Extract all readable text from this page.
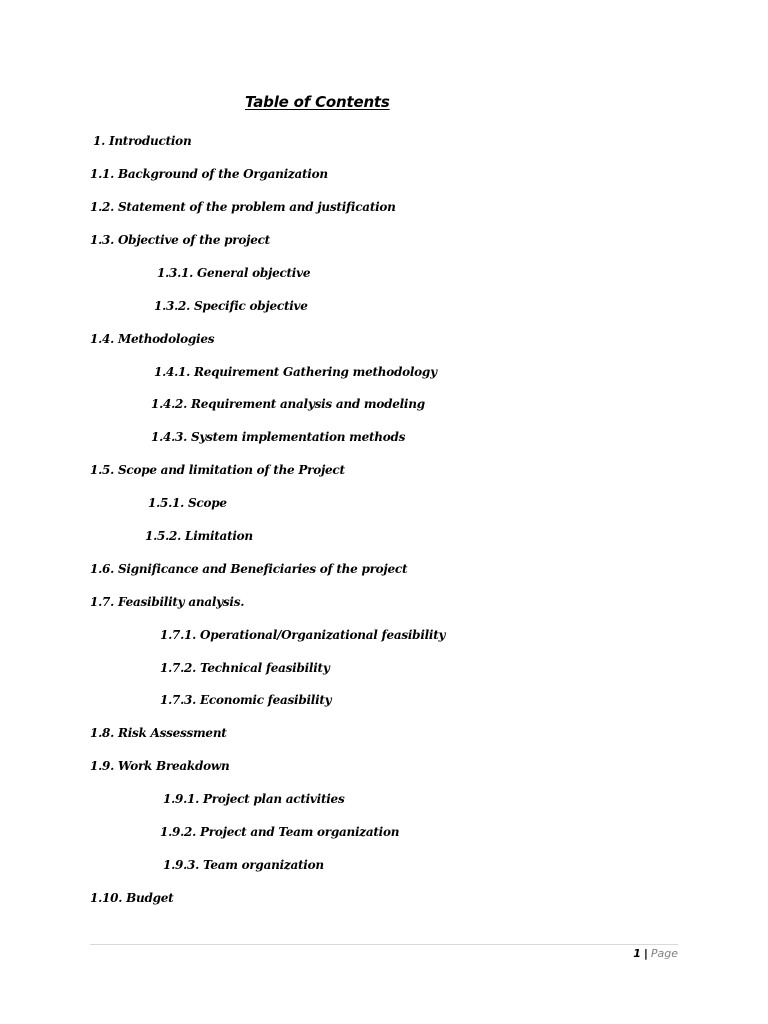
Table of Contents
1. Introduction
1.1. Background of the Organization
1.2. Statement of the problem and justification
1.3. Objective of the project
1.3.1. General objective
1.3.2. Specific objective
1.4. Methodologies
1.4.1. Requirement Gathering methodology
1.4.2. Requirement analysis and modeling
1.4.3. System implementation methods
1.5. Scope and limitation of the Project
1.5.1. Scope
1.5.2. Limitation
1.6. Significance and Beneficiaries of the project
1.7. Feasibility analysis.
1.7.1. Operational/Organizational feasibility
1.7.2. Technical feasibility
1.7.3. Economic feasibility
1.8. Risk Assessment
1.9. Work Breakdown
1.9.1. Project plan activities
1.9.2. Project and Team organization
1.9.3. Team organization
1.10. Budget
1 | Page
